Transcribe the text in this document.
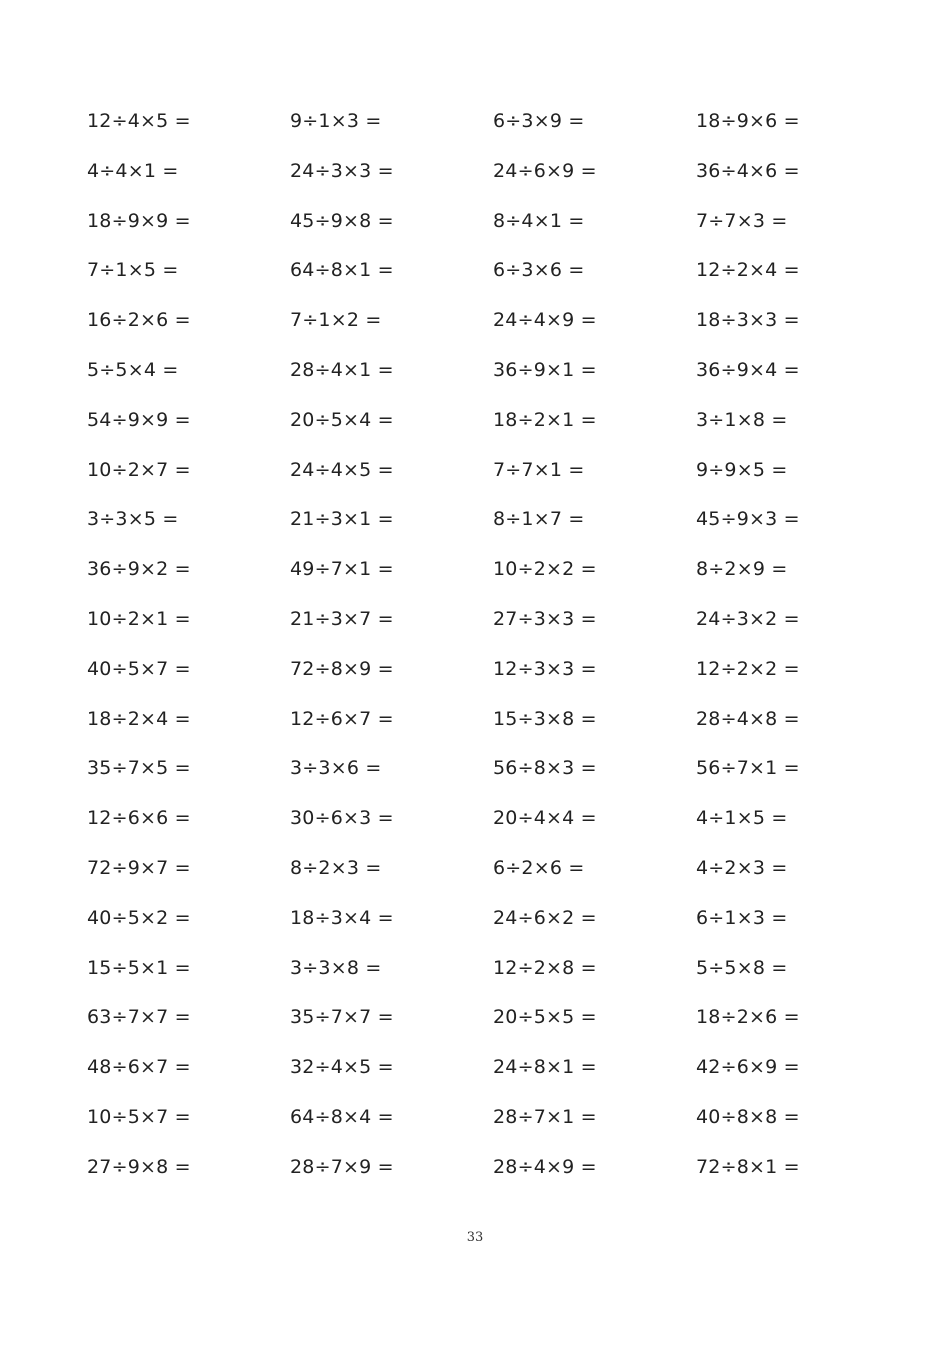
12÷4×5 =	9÷1×3 =	6÷3×9 =	18÷9×6 =
4÷4×1 =	24÷3×3 =	24÷6×9 =	36÷4×6 =
18÷9×9 =	45÷9×8 =	8÷4×1 =	7÷7×3 =
7÷1×5 =	64÷8×1 =	6÷3×6 =	12÷2×4 =
16÷2×6 =	7÷1×2 =	24÷4×9 =	18÷3×3 =
5÷5×4 =	28÷4×1 =	36÷9×1 =	36÷9×4 =
54÷9×9 =	20÷5×4 =	18÷2×1 =	3÷1×8 =
10÷2×7 =	24÷4×5 =	7÷7×1 =	9÷9×5 =
3÷3×5 =	21÷3×1 =	8÷1×7 =	45÷9×3 =
36÷9×2 =	49÷7×1 =	10÷2×2 =	8÷2×9 =
10÷2×1 =	21÷3×7 =	27÷3×3 =	24÷3×2 =
40÷5×7 =	72÷8×9 =	12÷3×3 =	12÷2×2 =
18÷2×4 =	12÷6×7 =	15÷3×8 =	28÷4×8 =
35÷7×5 =	3÷3×6 =	56÷8×3 =	56÷7×1 =
12÷6×6 =	30÷6×3 =	20÷4×4 =	4÷1×5 =
72÷9×7 =	8÷2×3 =	6÷2×6 =	4÷2×3 =
40÷5×2 =	18÷3×4 =	24÷6×2 =	6÷1×3 =
15÷5×1 =	3÷3×8 =	12÷2×8 =	5÷5×8 =
63÷7×7 =	35÷7×7 =	20÷5×5 =	18÷2×6 =
48÷6×7 =	32÷4×5 =	24÷8×1 =	42÷6×9 =
10÷5×7 =	64÷8×4 =	28÷7×1 =	40÷8×8 =
27÷9×8 =	28÷7×9 =	28÷4×9 =	72÷8×1 =
33
